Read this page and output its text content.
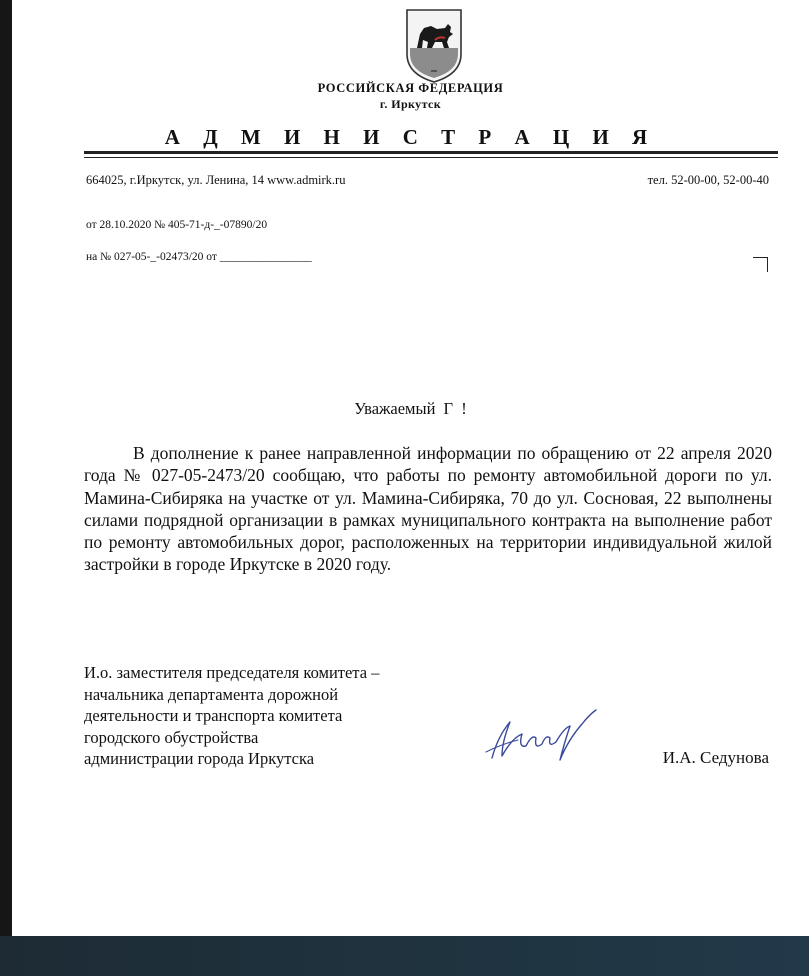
РОССИЙСКАЯ ФЕДЕРАЦИЯ
г. Иркутск
А Д М И Н И С Т Р А Ц И Я
664025, г.Иркутск, ул. Ленина, 14 www.admirk.ru	тел. 52-00-00, 52-00-40
от 28.10.2020 № 405-71-д-_-07890/20
на № 027-05-_-02473/20 от ________________
Уважаемый Г !
В дополнение к ранее направленной информации по обращению от 22 апреля 2020 года № 027-05-2473/20 сообщаю, что работы по ремонту автомобильной дороги по ул. Мамина-Сибиряка на участке от ул. Мамина-Сибиряка, 70 до ул. Сосновая, 22 выполнены силами подрядной организации в рамках муниципального контракта на выполнение работ по ремонту автомобильных дорог, расположенных на территории индивидуальной жилой застройки в городе Иркутске в 2020 году.
И.о. заместителя председателя комитета –
начальника департамента дорожной
деятельности и транспорта комитета
городского обустройства
администрации города Иркутска	И.А. Седунова
